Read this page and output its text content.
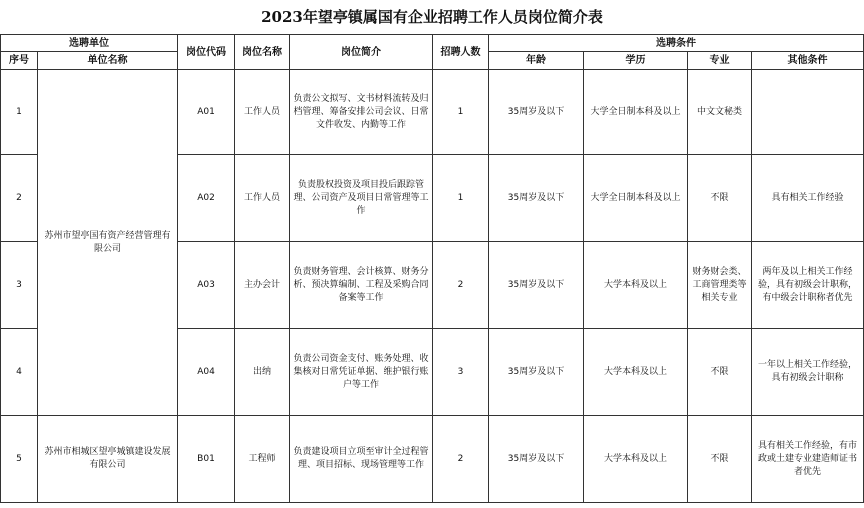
2023年望亭镇属国有企业招聘工作人员岗位简介表
选聘单位		岗位代码	岗位名称	岗位简介	招聘人数	选聘条件			
序号	单位名称					年龄	学历	专业	其他条件
1	苏州市望亭国有资产经营管理有限公司	A01	工作人员	负责公文拟写、文书材料流转及归档管理、筹备安排公司会议、日常文件收发、内勤等工作	1	35周岁及以下	大学全日制本科及以上	中文文秘类	
2		A02	工作人员	负责股权投资及项目投后跟踪管理、公司资产及项目日常管理等工作	1	35周岁及以下	大学全日制本科及以上	不限	具有相关工作经验
3		A03	主办会计	负责财务管理、会计核算、财务分析、预决算编制、工程及采购合同备案等工作	2	35周岁及以下	大学本科及以上	财务财会类、工商管理类等相关专业	两年及以上相关工作经验，具有初级会计职称，有中级会计职称者优先
4		A04	出纳	负责公司资金支付、账务处理、收集核对日常凭证单据、维护银行账户等工作	3	35周岁及以下	大学本科及以上	不限	一年以上相关工作经验，具有初级会计职称
5	苏州市相城区望亭城镇建设发展有限公司	B01	工程师	负责建设项目立项至审计全过程管理、项目招标、现场管理等工作	2	35周岁及以下	大学本科及以上	不限	具有相关工作经验，有市政或土建专业建造师证书者优先
